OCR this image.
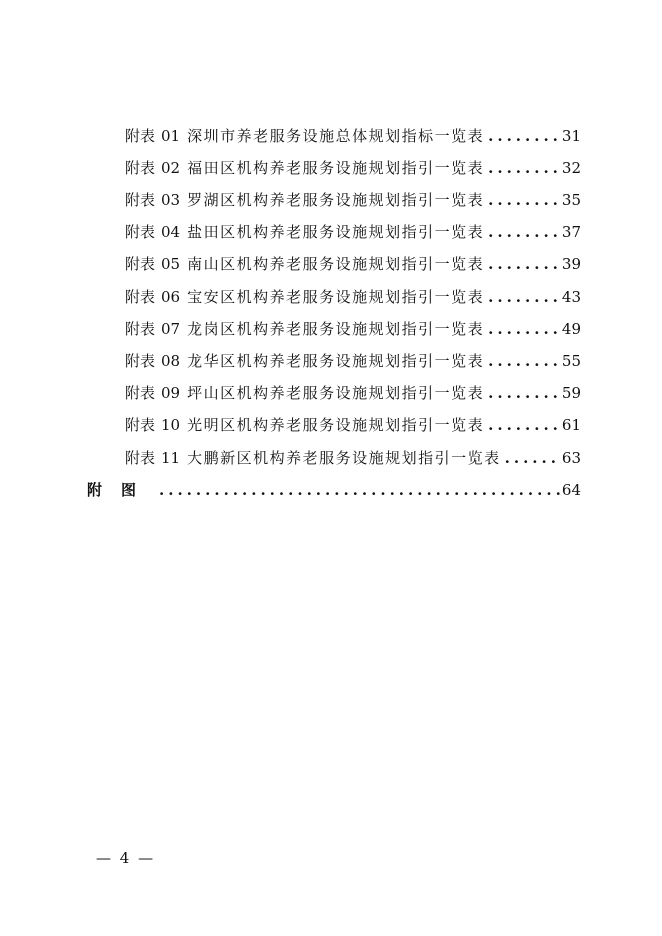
附表 01 深圳市养老服务设施总体规划指标一览表 .....	31
附表 02 福田区机构养老服务设施规划指引一览表 .....	32
附表 03 罗湖区机构养老服务设施规划指引一览表 .....	35
附表 04 盐田区机构养老服务设施规划指引一览表 .....	37
附表 05 南山区机构养老服务设施规划指引一览表 .....	39
附表 06 宝安区机构养老服务设施规划指引一览表 .....	43
附表 07 龙岗区机构养老服务设施规划指引一览表 .....	49
附表 08 龙华区机构养老服务设施规划指引一览表 .....	55
附表 09 坪山区机构养老服务设施规划指引一览表 .....	59
附表 10 光明区机构养老服务设施规划指引一览表 .....	61
附表 11 大鹏新区机构养老服务设施规划指引一览表 .....	63
附图 .....	64
— 4 —
